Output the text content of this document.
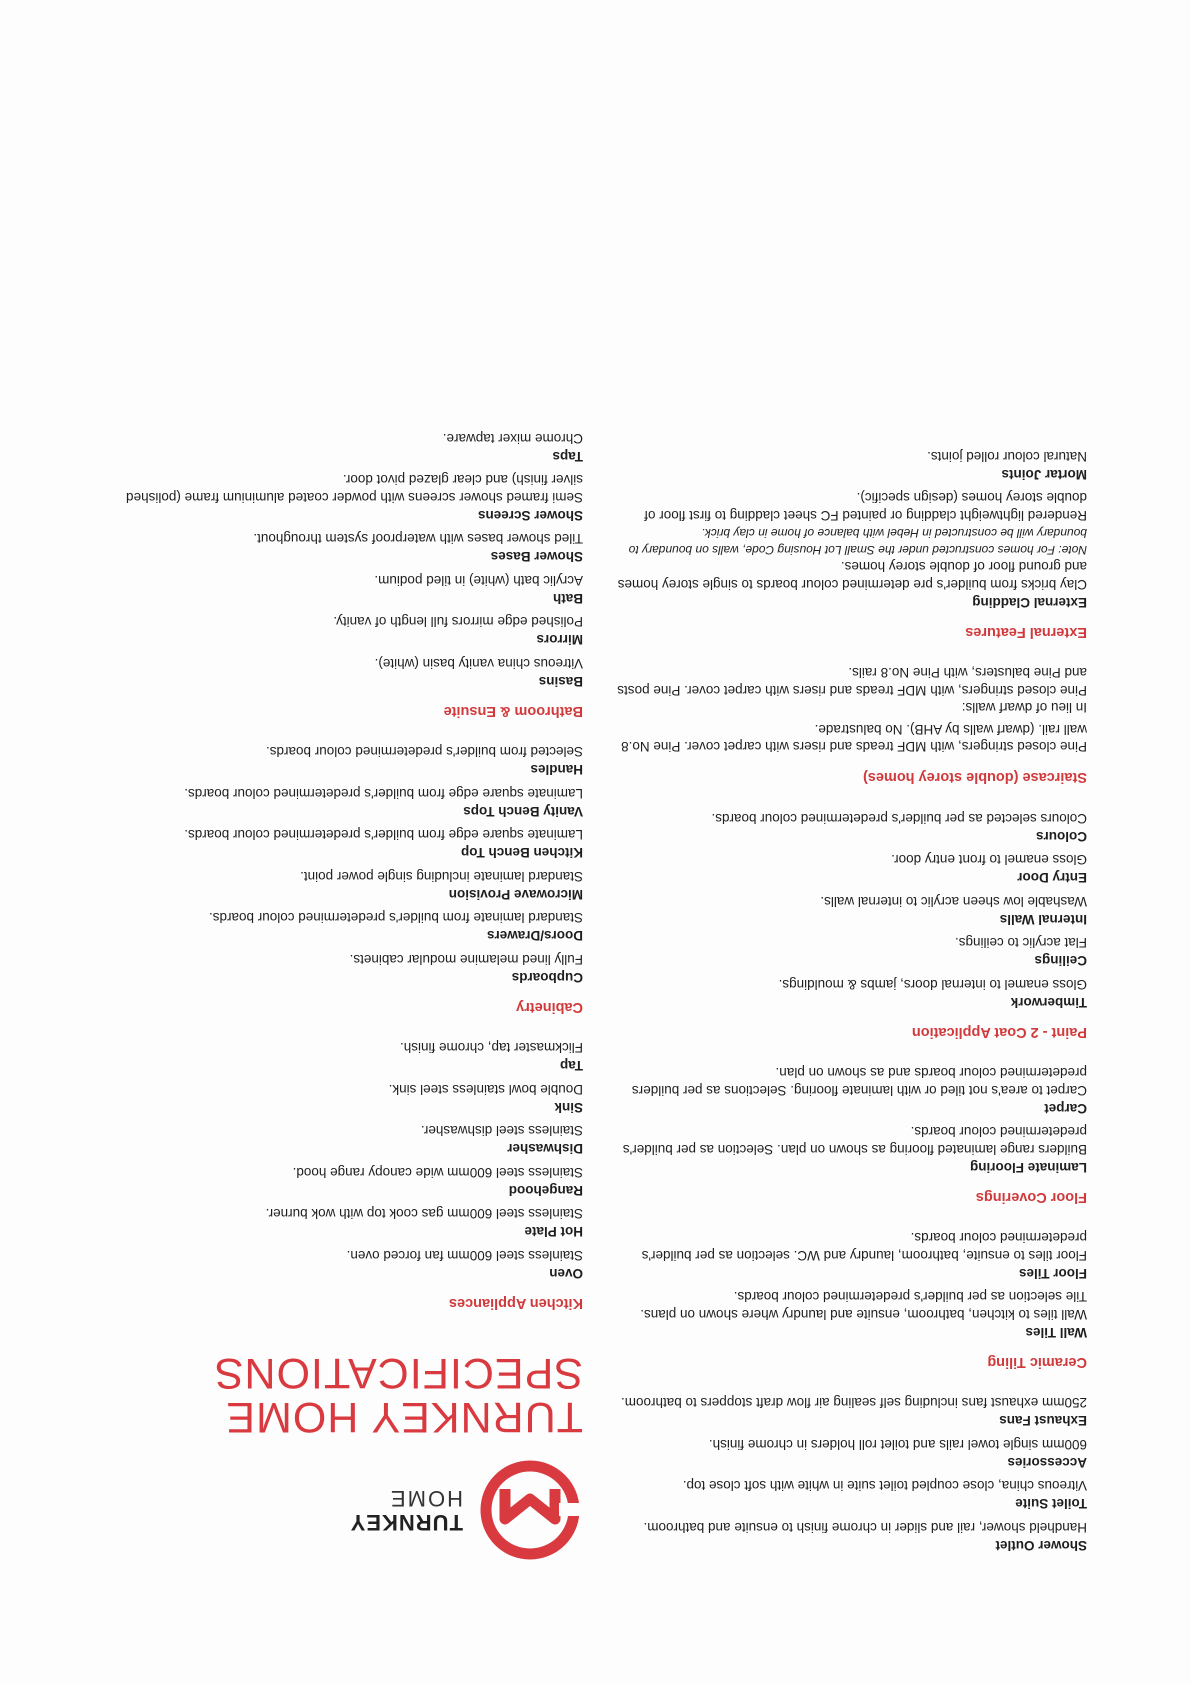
TURNKEY
HOME
TURNKEY HOME
SPECIFICATIONS
Kitchen Appliances
Oven

Stainless steel 600mm fan forced oven.

Hot Plate

Stainless steel 600mm gas cook top with wok burner.

Rangehood

Stainless steel 600mm wide canopy range hood.

Dishwasher

Stainless steel dishwasher.

Sink

Double bowl stainless steel sink.

Tap

Flickmaster tap, chrome finish.

Cabinetry
Cupboards

Fully lined melamine modular cabinets.

Doors/Drawers

Standard laminate from builder's predetermined colour boards.

Microwave Provision

Standard laminate including single power point.

Kitchen Bench Top

Laminate square edge from builder's predetermined colour boards.

Vanity Bench Tops

Laminate square edge from builder's predetermined colour boards.

Handles

Selected from builder's predetermined colour boards.

Bathroom & Ensuite
Basins

Vitreous china vanity basin (white).

Mirrors

Polished edge mirrors full length of vanity.

Bath

Acrylic bath (white) in tiled podium.

Shower Bases

Tiled shower bases with waterproof system throughout.

Shower Screens

Semi framed shower screens with powder coated aluminium frame (polished silver finish) and clear glazed pivot door.

Taps

Chrome mixer tapware.

Shower Outlet

Handheld shower, rail and slider in chrome finish to ensuite and bathroom.

Toilet Suite

Vitreous china, close coupled toilet suite in white with soft close top.

Accessories

600mm single towel rails and toilet roll holders in chrome finish.

Exhaust Fans

250mm exhaust fans including self sealing air flow draft stoppers to bathroom.

Ceramic Tiling
Wall Tiles

Wall tiles to kitchen, bathroom, ensuite and laundry where shown on plans. Tile selection as per builder's predetermined colour boards.

Floor Tiles

Floor tiles to ensuite, bathroom, laundry and WC. selection as per builder's predetermined colour boards.

Floor Coverings
Laminate Flooring

Builders range laminated flooring as shown on plan. Selection as per builder's predetermined colour boards.

Carpet

Carpet to area's not tiled or with laminate flooring. Selections as per builders predetermined colour boards and as shown on plan.

Paint - 2 Coat Application
Timberwork

Gloss enamel to internal doors, jambs & mouldings.

Ceilings

Flat acrylic to ceilings.

Internal Walls

Washable low sheen acrylic to internal walls.

Entry Door

Gloss enamel to front entry door.

Colours

Colours selected as per builder's predetermined colour boards.

Staircase (double storey homes)

Pine closed stringers, with MDF treads and risers with carpet cover. Pine No.8 wall rail. (dwarf walls by AHB). No balustrade.

In lieu of dwarf walls:

Pine closed stringers, with MDF treads and risers with carpet cover. Pine posts and Pine balusters, with Pine No.8 rails.

External Features
External Cladding

Clay bricks from builder's pre determined colour boards to single storey homes and ground floor of double storey homes.

Note: For homes constructed under the Small Lot Housing Code, walls on boundary to boundary will be constructed in Hebel with balance of home in clay brick.

Rendered lightweight cladding or painted FC sheet cladding to first floor of double storey homes (design specific).

Mortar Joints

Natural colour rolled joints.
